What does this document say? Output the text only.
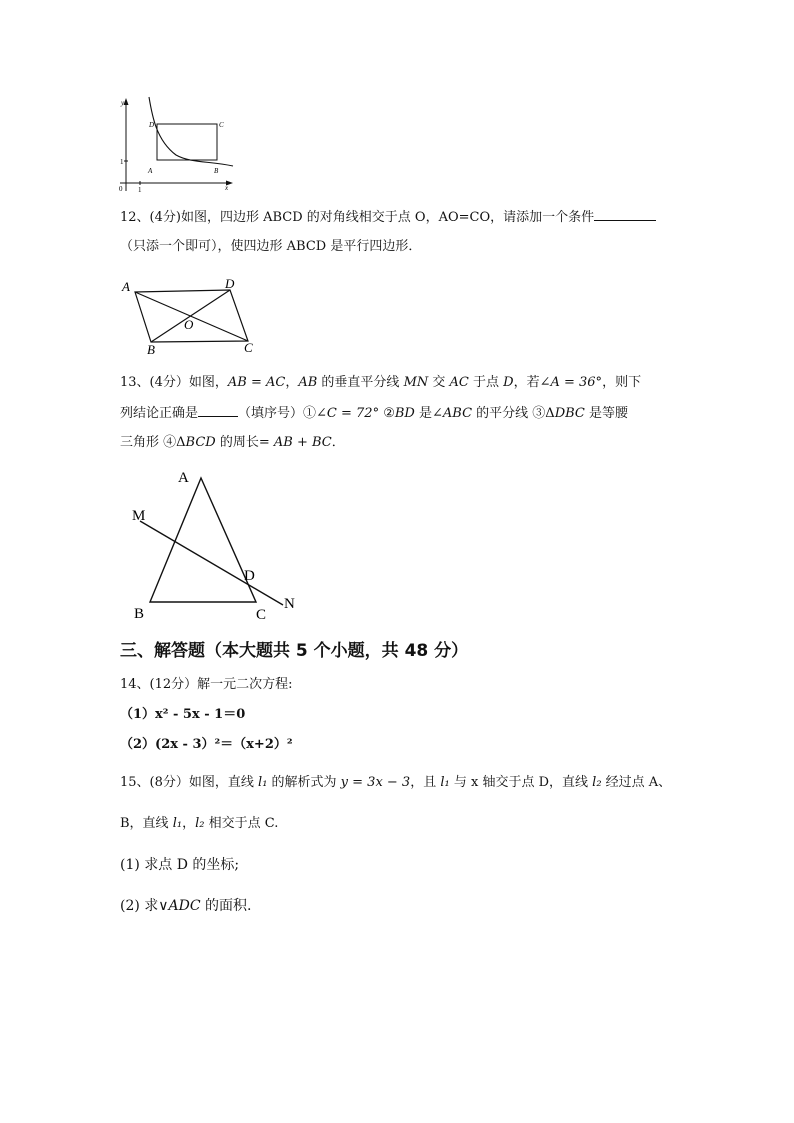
y
x
0 1
1
A	B
C
D
12、(4分)如图，四边形 ABCD 的对角线相交于点 O，AO=CO，请添加一个条件
（只添一个即可），使四边形 ABCD 是平行四边形．
A	D
O
B	C
13、(4分）如图，AB = AC，AB 的垂直平分线 MN 交 AC 于点 D，若∠A = 36°，则下
列结论正确是	（填序号）①∠C = 72° ②BD 是∠ABC 的平分线 ③ΔDBC 是等腰
三角形 ④ΔBCD 的周长= AB + BC．
A
M
D
B	C
N
三、解答题（本大题共 5 个小题，共 48 分）
14、(12分）解一元二次方程:
（1）x² - 5x - 1＝0
（2）(2x - 3）²＝（x+2）²
15、(8分）如图，直线 l₁ 的解析式为 y = 3x − 3，且 l₁ 与 x 轴交于点 D，直线 l₂ 经过点 A、
B，直线 l₁，l₂ 相交于点 C.
(1) 求点 D 的坐标;
(2) 求∨ADC 的面积.
